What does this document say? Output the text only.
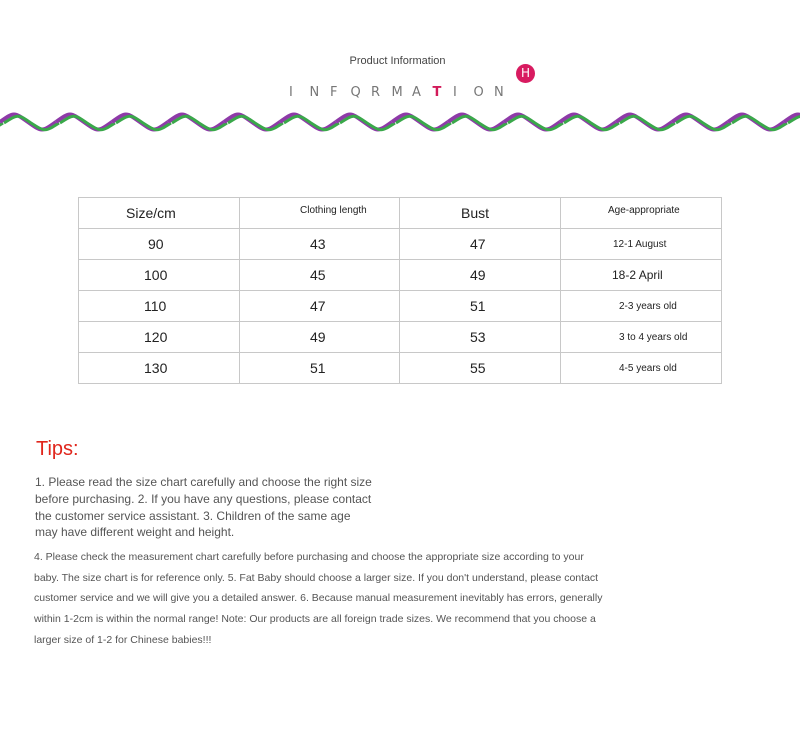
Product Information
I N F Q R M A T I O N
H
Size/cm	Clothing length	Bust	Age-appropriate
90	43	47	12-1 August
100	45	49	18-2 April
110	47	51	2-3 years old
120	49	53	3 to 4 years old
130	51	55	4-5 years old
Tips:
1. Please read the size chart carefully and choose the right size before purchasing. 2. If you have any questions, please contact the customer service assistant. 3. Children of the same age may have different weight and height.
4. Please check the measurement chart carefully before purchasing and choose the appropriate size according to your baby. The size chart is for reference only. 5. Fat Baby should choose a larger size. If you don't understand, please contact customer service and we will give you a detailed answer. 6. Because manual measurement inevitably has errors, generally within 1-2cm is within the normal range! Note: Our products are all foreign trade sizes. We recommend that you choose a larger size of 1-2 for Chinese babies!!!
